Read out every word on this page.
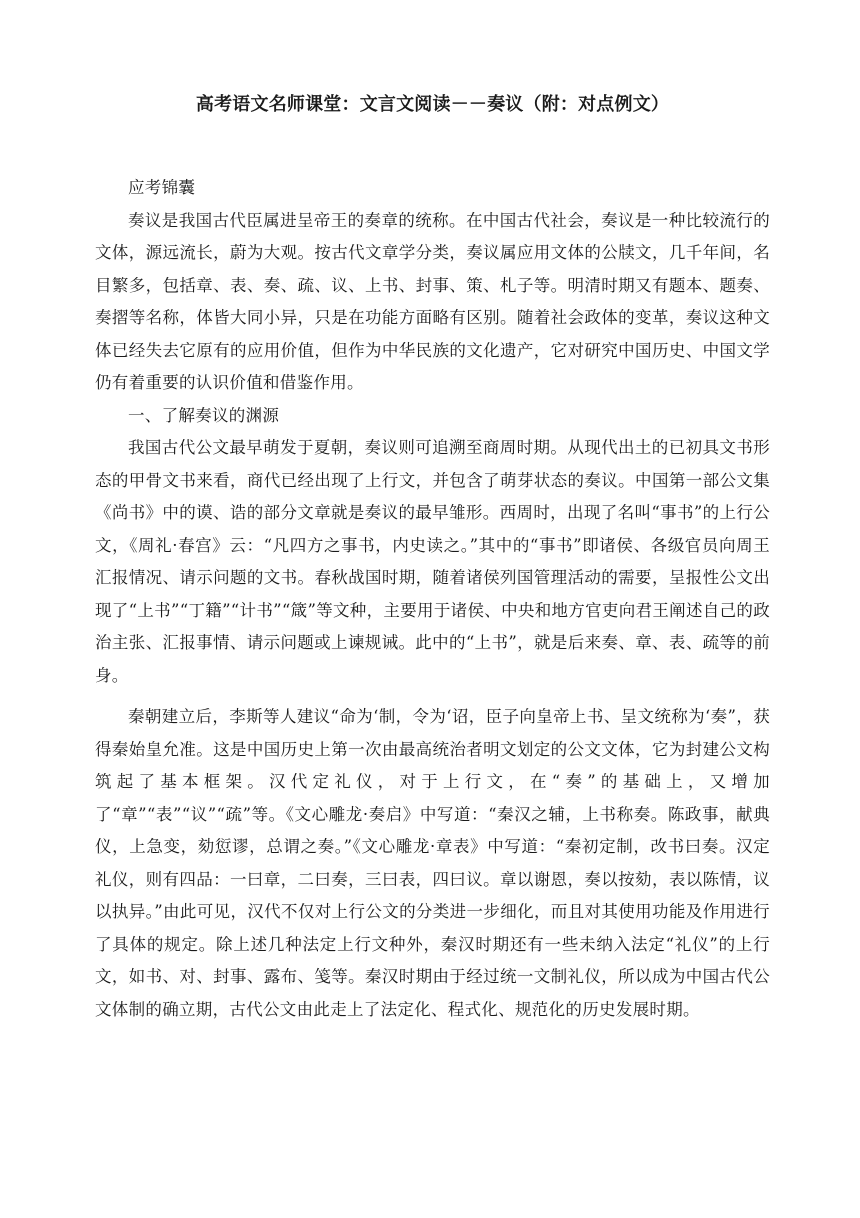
高考语文名师课堂：文言文阅读－－奏议（附：对点例文）

应考锦囊

奏议是我国古代臣属进呈帝王的奏章的统称。在中国古代社会，奏议是一种比较流行的文体，源远流长，蔚为大观。按古代文章学分类，奏议属应用文体的公牍文，几千年间，名目繁多，包括章、表、奏、疏、议、上书、封事、策、札子等。明清时期又有题本、题奏、奏摺等名称，体皆大同小异，只是在功能方面略有区别。随着社会政体的变革，奏议这种文体已经失去它原有的应用价值，但作为中华民族的文化遗产，它对研究中国历史、中国文学仍有着重要的认识价值和借鉴作用。

一、了解奏议的渊源

我国古代公文最早萌发于夏朝，奏议则可追溯至商周时期。从现代出土的已初具文书形态的甲骨文书来看，商代已经出现了上行文，并包含了萌芽状态的奏议。中国第一部公文集《尚书》中的谟、诰的部分文章就是奏议的最早雏形。西周时，出现了名叫“事书”的上行公文，《周礼·春宫》云：“凡四方之事书，内史读之。”其中的“事书”即诸侯、各级官员向周王汇报情况、请示问题的文书。春秋战国时期，随着诸侯列国管理活动的需要，呈报性公文出现了“上书”“丁籍”“计书”“箴”等文种，主要用于诸侯、中央和地方官吏向君王阐述自己的政治主张、汇报事情、请示问题或上谏规诫。此中的“上书”，就是后来奏、章、表、疏等的前身。

秦朝建立后，李斯等人建议“命为‘制，令为‘诏，臣子向皇帝上书、呈文统称为‘奏”，获得秦始皇允准。这是中国历史上第一次由最高统治者明文划定的公文文体，它为封建公文构筑起了基本框架。汉代定礼仪，对于上行文，在“奏”的基础上，又增加了“章”“表”“议”“疏”等。《文心雕龙·奏启》中写道：“秦汉之辅，上书称奏。陈政事，献典仪，上急变，劾愆谬，总谓之奏。”《文心雕龙·章表》中写道：“秦初定制，改书曰奏。汉定礼仪，则有四品：一曰章，二曰奏，三曰表，四曰议。章以谢恩，奏以按劾，表以陈情，议以执异。”由此可见，汉代不仅对上行公文的分类进一步细化，而且对其使用功能及作用进行了具体的规定。除上述几种法定上行文种外，秦汉时期还有一些未纳入法定“礼仪”的上行文，如书、对、封事、露布、笺等。秦汉时期由于经过统一文制礼仪，所以成为中国古代公文体制的确立期，古代公文由此走上了法定化、程式化、规范化的历史发展时期。
